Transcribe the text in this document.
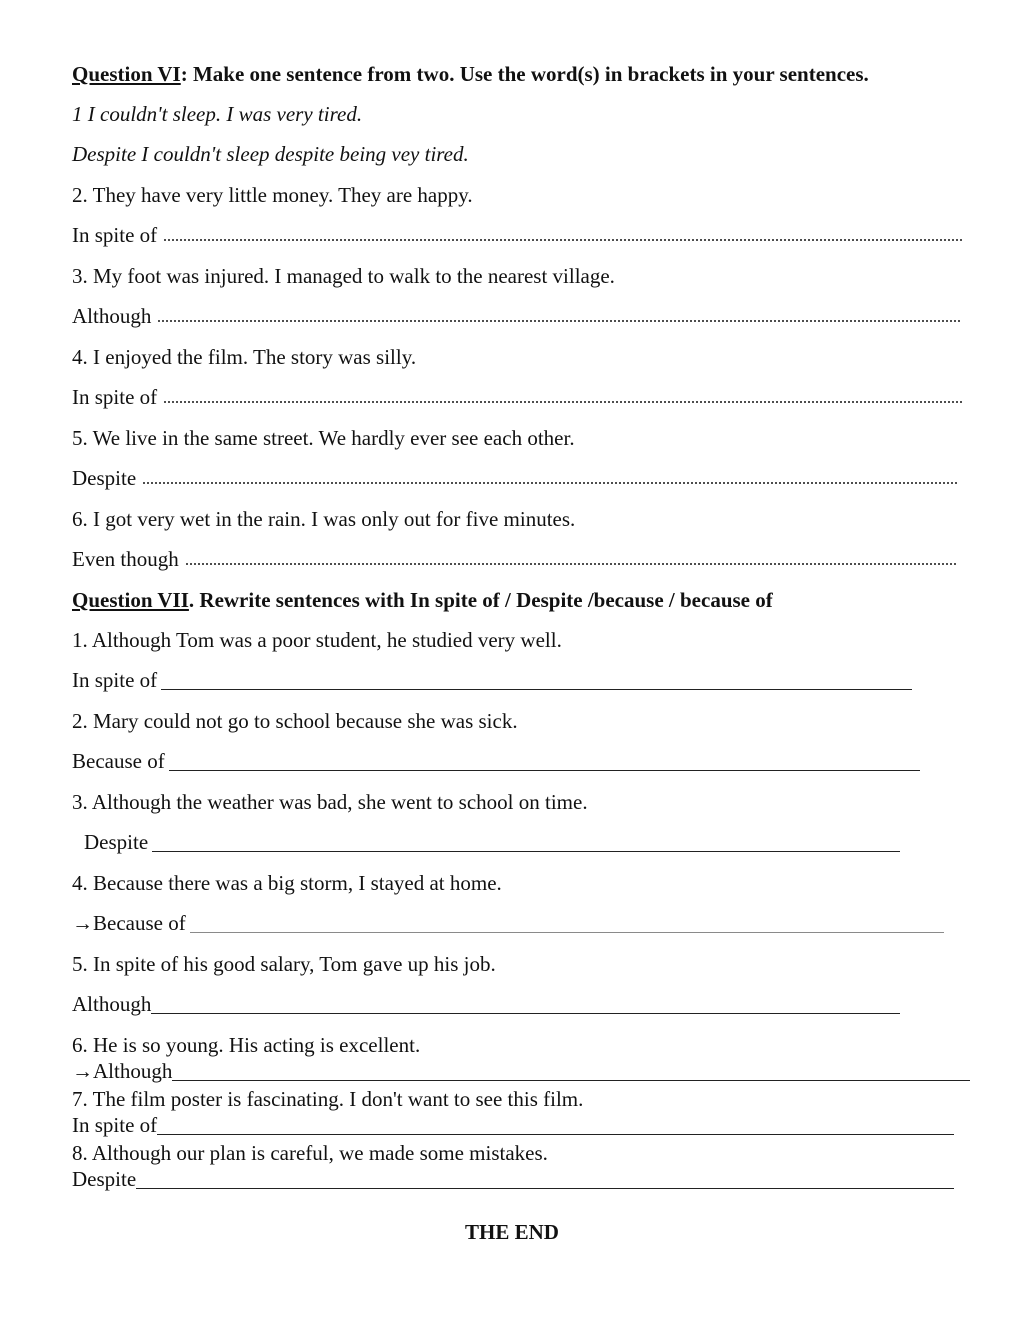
Question VI: Make one sentence from two. Use the word(s) in brackets in your sentences.
1 I couldn't sleep. I was very tired.
Despite I couldn't sleep despite being vey tired.
2. They have very little money. They are happy.
In spite of
3. My foot was injured. I managed to walk to the nearest village.
Although
4. I enjoyed the film. The story was silly.
In spite of
5. We live in the same street. We hardly ever see each other.
Despite
6. I got very wet in the rain. I was only out for five minutes.
Even though
Question VII. Rewrite sentences with In spite of / Despite /because / because of
1. Although Tom was a poor student, he studied very well.
In spite of
2. Mary could not go to school because she was sick.
Because of
3. Although the weather was bad, she went to school on time.
Despite
4. Because there was a big storm, I stayed at home.
→Because of
5. In spite of his good salary, Tom gave up his job.
Although
6. He is so young. His acting is excellent.
→Although
7. The film poster is fascinating. I don't want to see this film.
In spite of
8. Although our plan is careful, we made some mistakes.
Despite
THE END
